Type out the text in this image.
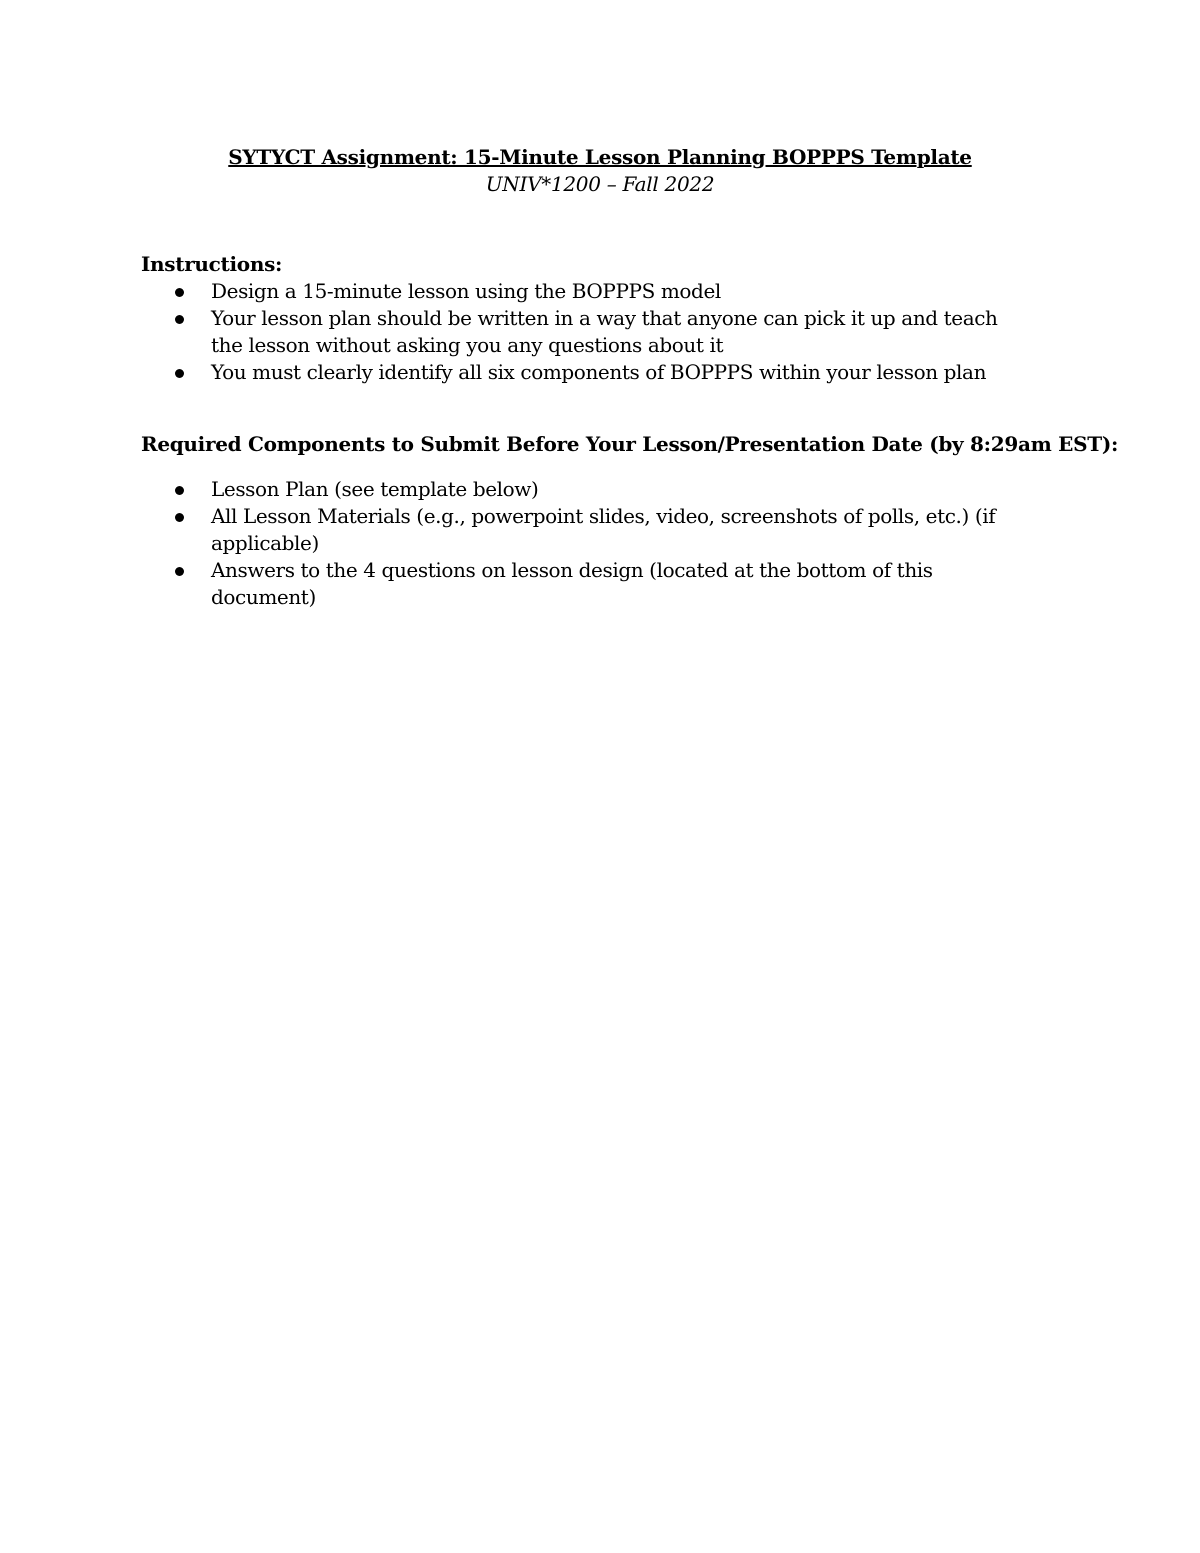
SYTYCT Assignment: 15-Minute Lesson Planning BOPPPS Template
UNIV*1200 – Fall 2022
Instructions:
Design a 15-minute lesson using the BOPPPS model
Your lesson plan should be written in a way that anyone can pick it up and teach the lesson without asking you any questions about it
You must clearly identify all six components of BOPPPS within your lesson plan
Required Components to Submit Before Your Lesson/Presentation Date (by 8:29am EST):
Lesson Plan (see template below)
All Lesson Materials (e.g., powerpoint slides, video, screenshots of polls, etc.) (if applicable)
Answers to the 4 questions on lesson design (located at the bottom of this document)
